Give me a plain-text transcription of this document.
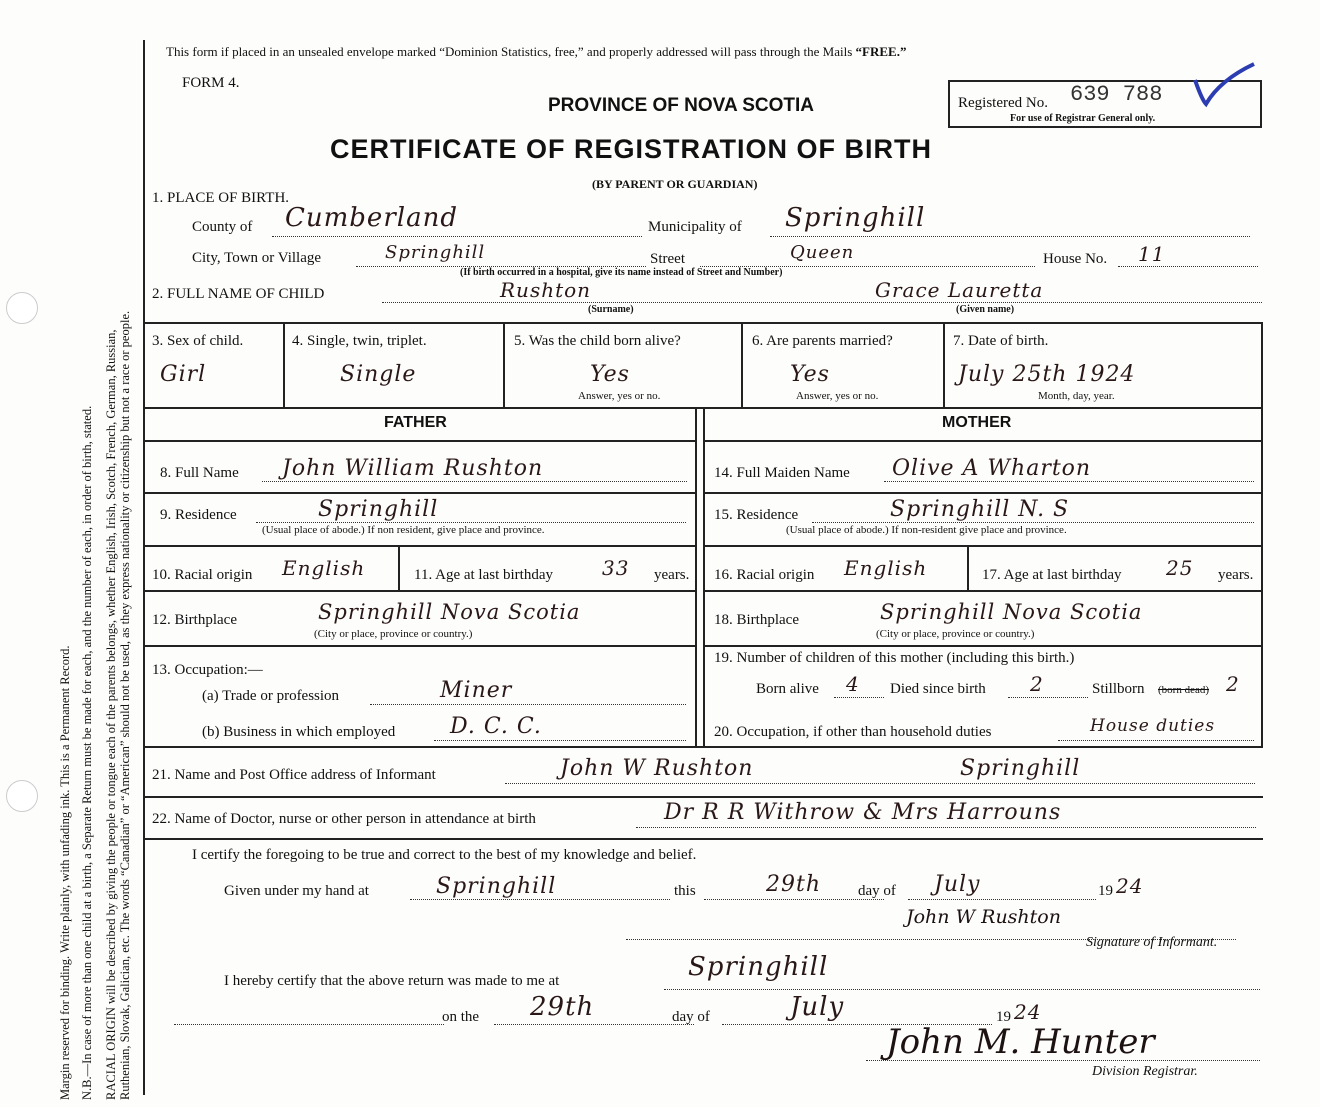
Margin reserved for binding. Write plainly, with unfading ink. This is a Permanent Record. N.B.—In case of more than one child at a birth, a Separate Return must be made for each, and the number of each, in order of birth, stated. RACIAL ORIGIN will be described by giving the people or tongue each of the parents belongs, whether English, Irish, Scotch, French, German, Russian, Ruthenian, Slovak, Galician, etc. The words “Canadian” or “American” should not be used, as they express nationality or citizenship but not a race or people.
This form if placed in an unsealed envelope marked “Dominion Statistics, free,” and properly addressed will pass through the Mails “FREE.”
FORM 4.
PROVINCE OF NOVA SCOTIA
CERTIFICATE OF REGISTRATION OF BIRTH
(BY PARENT OR GUARDIAN)
Registered No. 639 788
For use of Registrar General only.
1. PLACE OF BIRTH.
County of Cumberland	Municipality of Springhill
City, Town or Village	Springhill	Street	Queen
(If birth occurred in a hospital, give its name instead of Street and Number)
House No. 11
2. FULL NAME OF CHILD	Rushton
(Surname)
Grace Lauretta
(Given name)
3. Sex of child.
Girl
4. Single, twin, triplet.
Single
5. Was the child born alive?
Yes
Answer, yes or no.
6. Are parents married?
Yes
Answer, yes or no.
7. Date of birth.
July 25th 1924
Month, day, year.
FATHER	MOTHER
8. Full Name John William Rushton	14. Full Maiden Name Olive A Wharton
9. Residence	Springhill
(Usual place of abode.) If non resident, give place and province.
15. Residence	Springhill N. S
(Usual place of abode.) If non-resident give place and province.
10. Racial origin English	11. Age at last birthday 33 years. 16. Racial origin English	17. Age at last birthday 25 years.
12. Birthplace	Springhill Nova Scotia
(City or place, province or country.)
18. Birthplace	Springhill Nova Scotia
(City or place, province or country.)
13. Occupation:—
(a) Trade or profession	Miner
(b) Business in which employed D. C. C.
19. Number of children of this mother (including this birth.)
Born alive 4 Died since birth 2	Stillborn (born dead) 2
20. Occupation, if other than household duties	House duties
21. Name and Post Office address of Informant	John W Rushton	Springhill
22. Name of Doctor, nurse or other person in attendance at birth	Dr R R Withrow & Mrs Harrouns
I certify the foregoing to be true and correct to the best of my knowledge and belief.
Given under my hand at	Springhill	this	29th day of July	19 24
John W Rushton
Signature of Informant.
I hereby certify that the above return was made to me at	Springhill
on the 29th	day of	July	19 24
John M. Hunter
Division Registrar.
